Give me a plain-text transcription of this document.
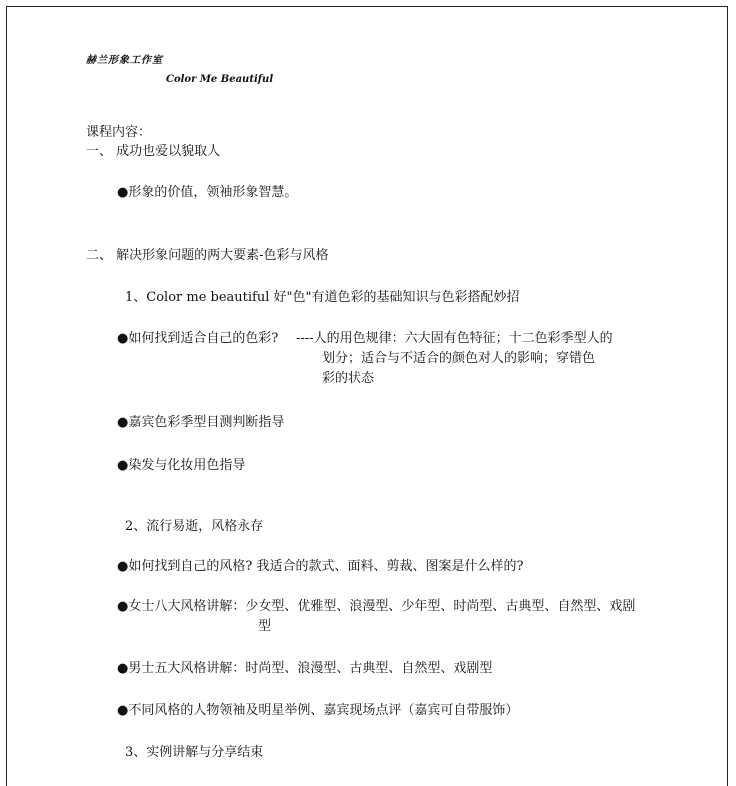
赫兰形象工作室
Color Me Beautiful
课程内容：
一、 成功也爱以貌取人
●形象的价值，领袖形象智慧。
二、 解决形象问题的两大要素-色彩与风格
1、Color me beautiful 好"色"有道色彩的基础知识与色彩搭配妙招
●如何找到适合自己的色彩? ----人的用色规律：六大固有色特征；十二色彩季型人的
划分；适合与不适合的颜色对人的影响；穿错色
彩的状态
●嘉宾色彩季型目测判断指导
●染发与化妆用色指导
2、流行易逝，风格永存
●如何找到自己的风格? 我适合的款式、面料、剪裁、图案是什么样的?
●女士八大风格讲解：少女型、优雅型、浪漫型、少年型、时尚型、古典型、自然型、戏剧
型
●男士五大风格讲解：时尚型、浪漫型、古典型、自然型、戏剧型
●不同风格的人物领袖及明星举例、嘉宾现场点评（嘉宾可自带服饰）
3、实例讲解与分享结束
